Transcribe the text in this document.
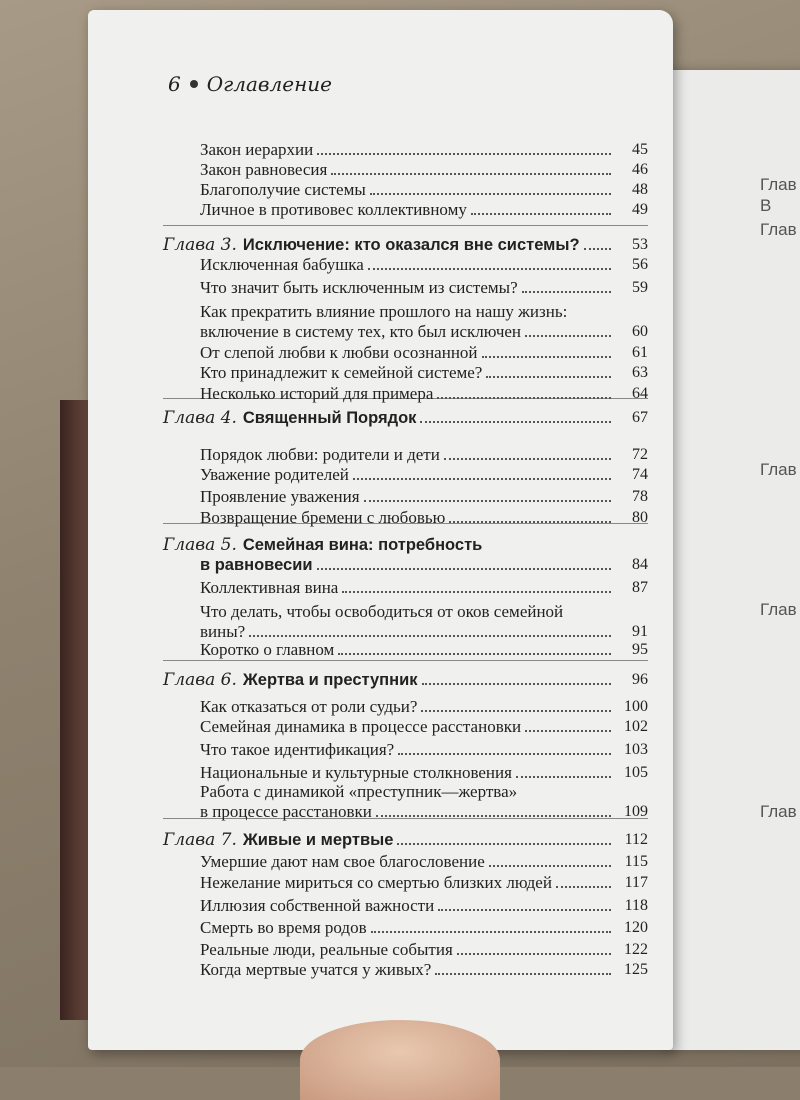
Глав
В
Глав
Глав
Глав
Глав
6 Оглавление
Закон иерархии	45
Закон равновесия	46
Благополучие системы	48
Личное в противовес коллективному	49
Глава 3. Исключение: кто оказался вне системы?	53
Исключенная бабушка	56
Что значит быть исключенным из системы?	59
Как прекратить влияние прошлого на нашу жизнь:
включение в систему тех, кто был исключен	60
От слепой любви к любви осознанной	61
Кто принадлежит к семейной системе?	63
Несколько историй для примера	64
Глава 4. Священный Порядок	67
Порядок любви: родители и дети	72
Уважение родителей	74
Проявление уважения	78
Возвращение бремени с любовью	80
Глава 5. Семейная вина: потребность
в равновесии	84
Коллективная вина	87
Что делать, чтобы освободиться от оков семейной
вины?	91
Коротко о главном	95
Глава 6. Жертва и преступник	96
Как отказаться от роли судьи?	100
Семейная динамика в процессе расстановки	102
Что такое идентификация?	103
Национальные и культурные столкновения	105
Работа с динамикой «преступник—жертва»
в процессе расстановки	109
Глава 7. Живые и мертвые	112
Умершие дают нам свое благословение	115
Нежелание мириться со смертью близких людей	117
Иллюзия собственной важности	118
Смерть во время родов	120
Реальные люди, реальные события	122
Когда мертвые учатся у живых?	125
